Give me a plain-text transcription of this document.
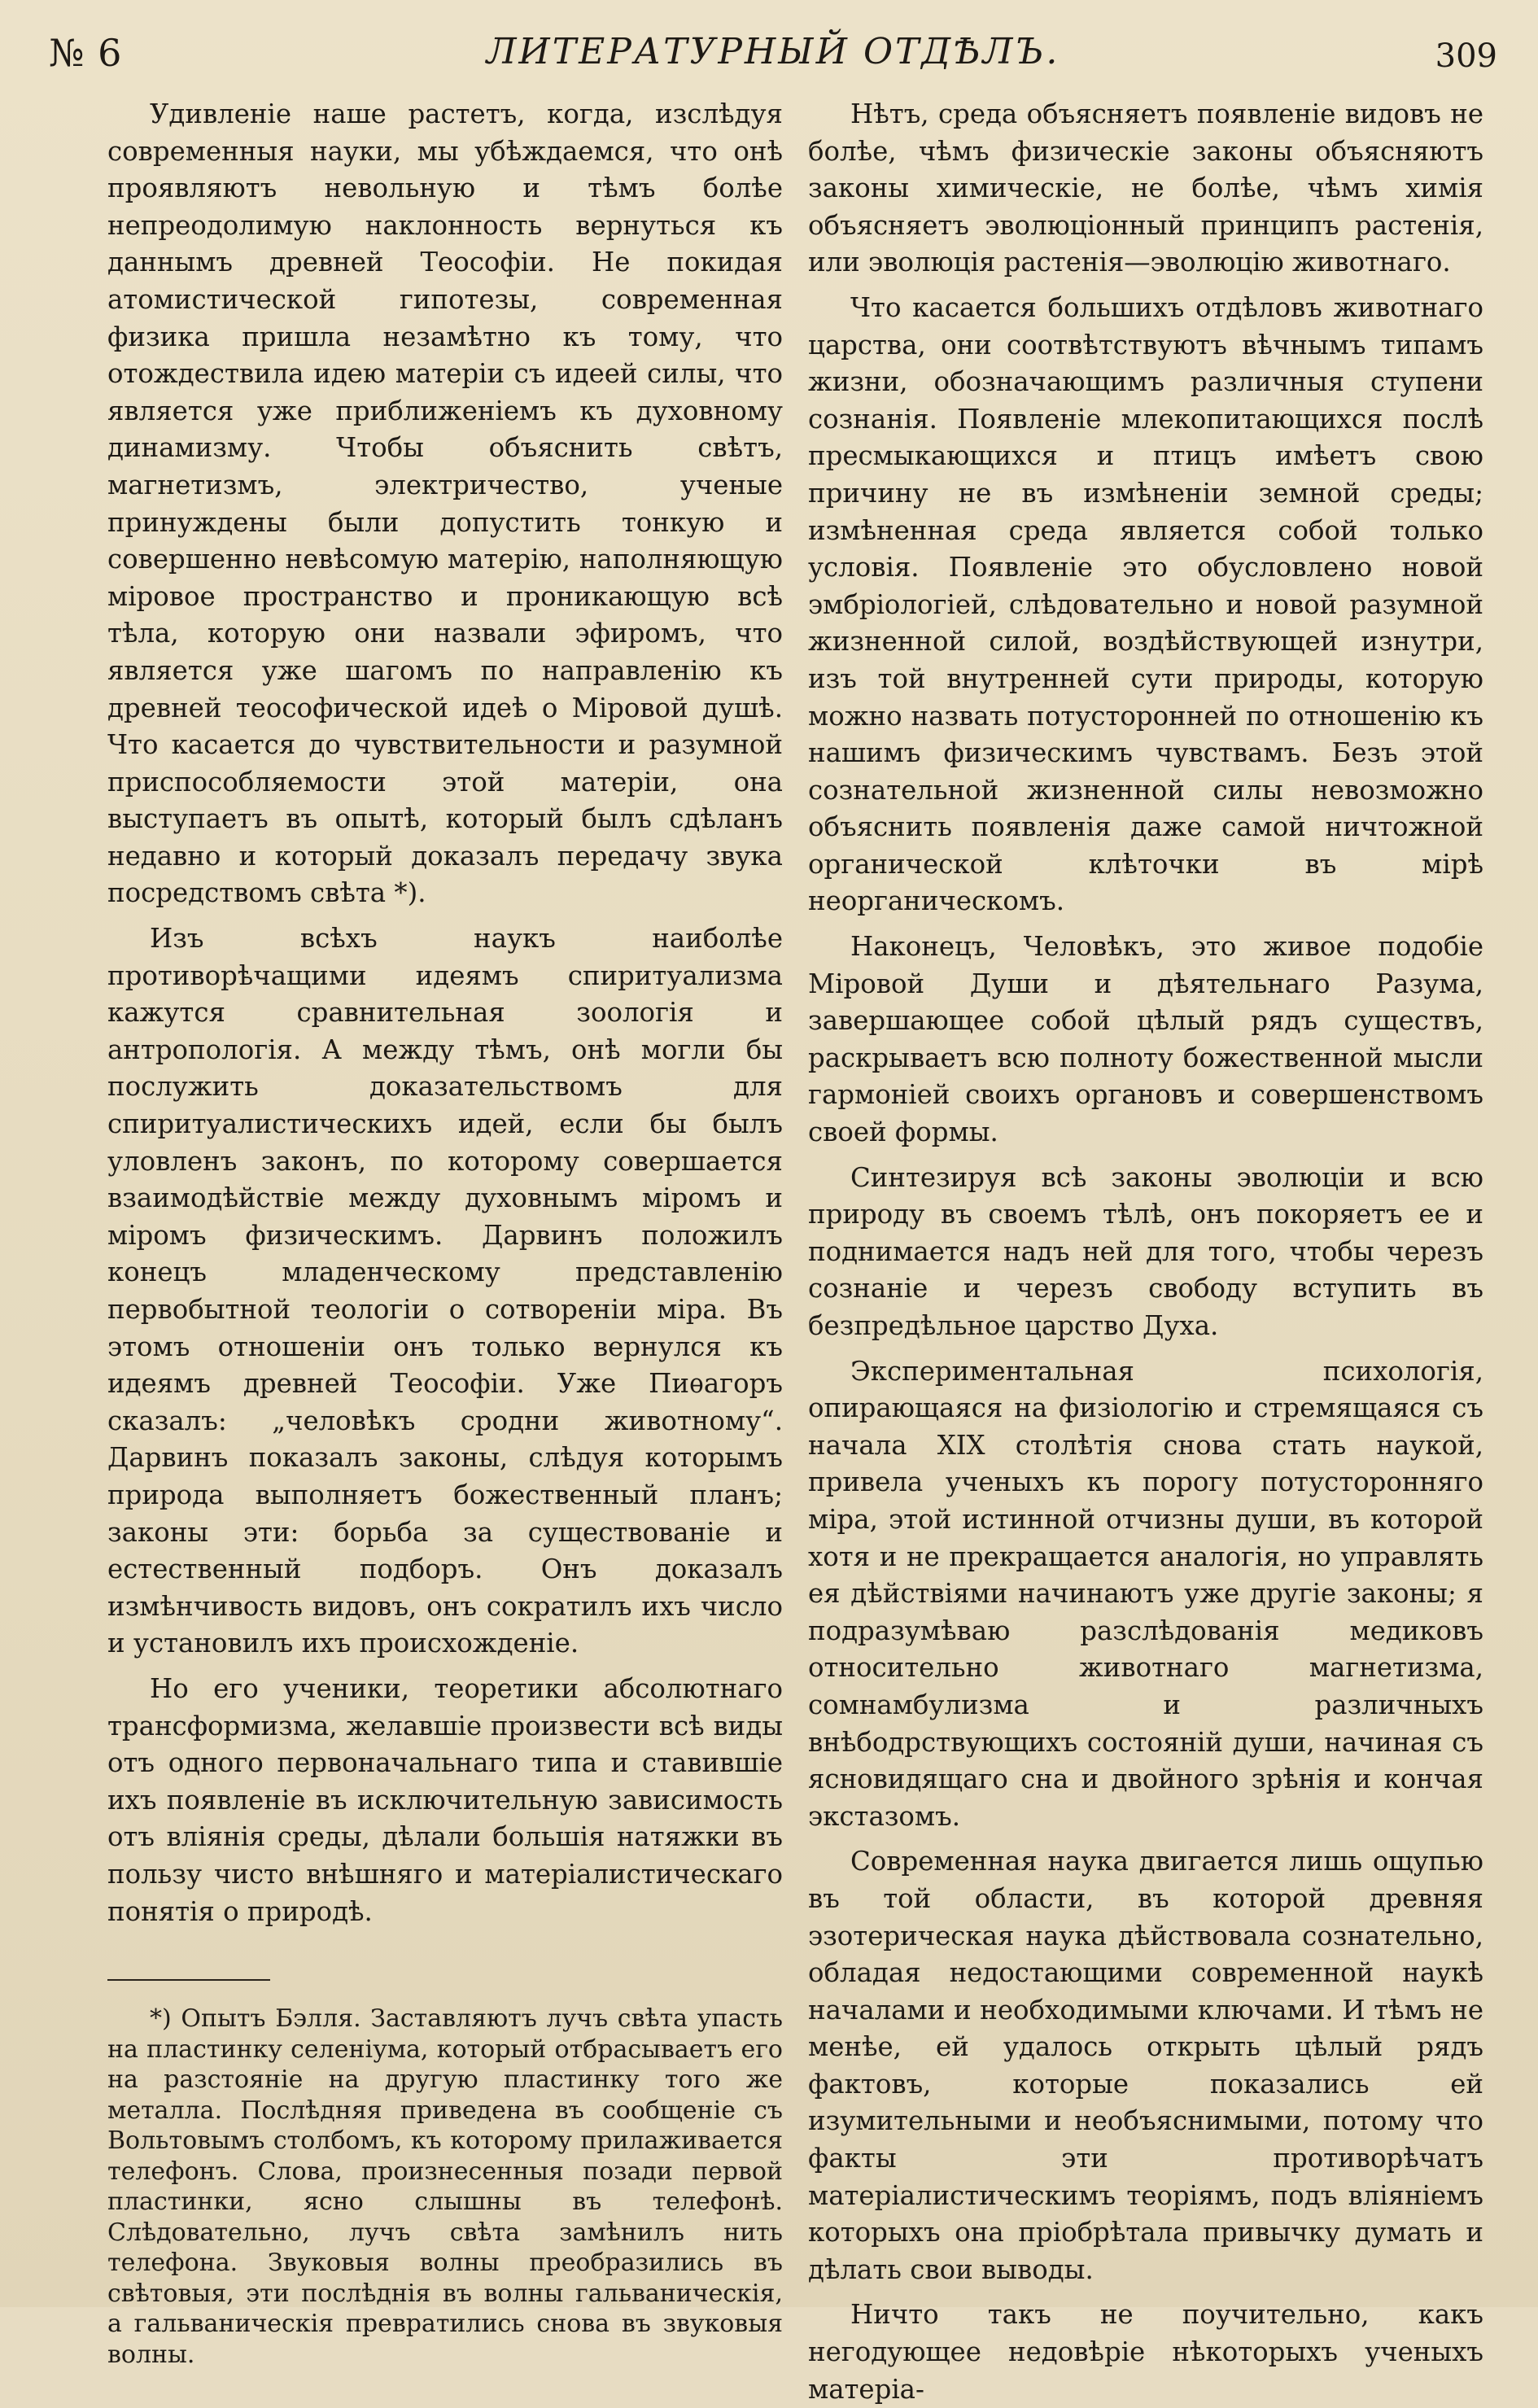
№ 6	ЛИТЕРАТУРНЫЙ ОТДѢЛЪ.	309

Удивленіе наше растетъ, когда, изслѣдуя современныя науки, мы убѣждаемся, что онѣ проявляютъ невольную и тѣмъ болѣе непреодолимую наклонность вернуться къ даннымъ древней Теософіи. Не покидая атомистической гипотезы, современная физика пришла незамѣтно къ тому, что отождествила идею матеріи съ идеей силы, что является уже приближеніемъ къ духовному динамизму. Чтобы объяснить свѣтъ, магнетизмъ, электричество, ученые принуждены были допустить тонкую и совершенно невѣсомую матерію, наполняющую міровое пространство и проникающую всѣ тѣла, которую они назвали эфиромъ, что является уже шагомъ по направленію къ древней теософической идеѣ о Міровой душѣ. Что касается до чувствительности и разумной приспособляемости этой матеріи, она выступаетъ въ опытѣ, который былъ сдѣланъ недавно и который доказалъ передачу звука посредствомъ свѣта *).

Изъ всѣхъ наукъ наиболѣе противорѣчащими идеямъ спиритуализма кажутся сравнительная зоологія и антропологія. А между тѣмъ, онѣ могли бы послужить доказательствомъ для спиритуалистическихъ идей, если бы былъ уловленъ законъ, по которому совершается взаимодѣйствіе между духовнымъ міромъ и міромъ физическимъ. Дарвинъ положилъ конецъ младенческому представленію первобытной теологіи о сотвореніи міра. Въ этомъ отношеніи онъ только вернулся къ идеямъ древней Теософіи. Уже Пиѳагоръ сказалъ: „человѣкъ сродни животному“. Дарвинъ показалъ законы, слѣдуя которымъ природа выполняетъ божественный планъ; законы эти: борьба за существованіе и естественный подборъ. Онъ доказалъ измѣнчивость видовъ, онъ сократилъ ихъ число и установилъ ихъ происхожденіе.

Но его ученики, теоретики абсолютнаго трансформизма, желавшіе произвести всѣ виды отъ одного первоначальнаго типа и ставившіе ихъ появленіе въ исключительную зависимость отъ вліянія среды, дѣлали большія натяжки въ пользу чисто внѣшняго и матеріалистическаго понятія о природѣ.

*) Опытъ Бэлля. Заставляютъ лучъ свѣта упасть на пластинку селеніума, который отбрасываетъ его на разстояніе на другую пластинку того же металла. Послѣдняя приведена въ сообщеніе съ Вольтовымъ столбомъ, къ которому прилаживается телефонъ. Слова, произнесенныя позади первой пластинки, ясно слышны въ телефонѣ. Слѣдовательно, лучъ свѣта замѣнилъ нить телефона. Звуковыя волны преобразились въ свѣтовыя, эти послѣднія въ волны гальваническія, а гальваническія превратились снова въ звуковыя волны.

Нѣтъ, среда объясняетъ появленіе видовъ не болѣе, чѣмъ физическіе законы объясняютъ законы химическіе, не болѣе, чѣмъ химія объясняетъ эволюціонный принципъ растенія, или эволюція растенія—эволюцію животнаго.

Что касается большихъ отдѣловъ животнаго царства, они соотвѣтствуютъ вѣчнымъ типамъ жизни, обозначающимъ различныя ступени сознанія. Появленіе млекопитающихся послѣ пресмыкающихся и птицъ имѣетъ свою причину не въ измѣненіи земной среды; измѣненная среда является собой только условія. Появленіе это обусловлено новой эмбріологіей, слѣдовательно и новой разумной жизненной силой, воздѣйствующей изнутри, изъ той внутренней сути природы, которую можно назвать потусторонней по отношенію къ нашимъ физическимъ чувствамъ. Безъ этой сознательной жизненной силы невозможно объяснить появленія даже самой ничтожной органической клѣточки въ мірѣ неорганическомъ.

Наконецъ, Человѣкъ, это живое подобіе Міровой Души и дѣятельнаго Разума, завершающее собой цѣлый рядъ существъ, раскрываетъ всю полноту божественной мысли гармоніей своихъ органовъ и совершенствомъ своей формы.

Синтезируя всѣ законы эволюціи и всю природу въ своемъ тѣлѣ, онъ покоряетъ ее и поднимается надъ ней для того, чтобы черезъ сознаніе и черезъ свободу вступить въ безпредѣльное царство Духа.

Экспериментальная психологія, опирающаяся на физіологію и стремящаяся съ начала XIX столѣтія снова стать наукой, привела ученыхъ къ порогу потусторонняго міра, этой истинной отчизны души, въ которой хотя и не прекращается аналогія, но управлять ея дѣйствіями начинаютъ уже другіе законы; я подразумѣваю разслѣдованія медиковъ относительно животнаго магнетизма, сомнамбулизма и различныхъ внѣбодрствующихъ состояній души, начиная съ ясновидящаго сна и двойного зрѣнія и кончая экстазомъ.

Современная наука двигается лишь ощупью въ той области, въ которой древняя эзотерическая наука дѣйствовала сознательно, обладая недостающими современной наукѣ началами и необходимыми ключами. И тѣмъ не менѣе, ей удалось открыть цѣлый рядъ фактовъ, которые показались ей изумительными и необъяснимыми, потому что факты эти противорѣчатъ матеріалистическимъ теоріямъ, подъ вліяніемъ которыхъ она пріобрѣтала привычку думать и дѣлать свои выводы.

Ничто такъ не поучительно, какъ негодующее недовѣріе нѣкоторыхъ ученыхъ матеріа-
